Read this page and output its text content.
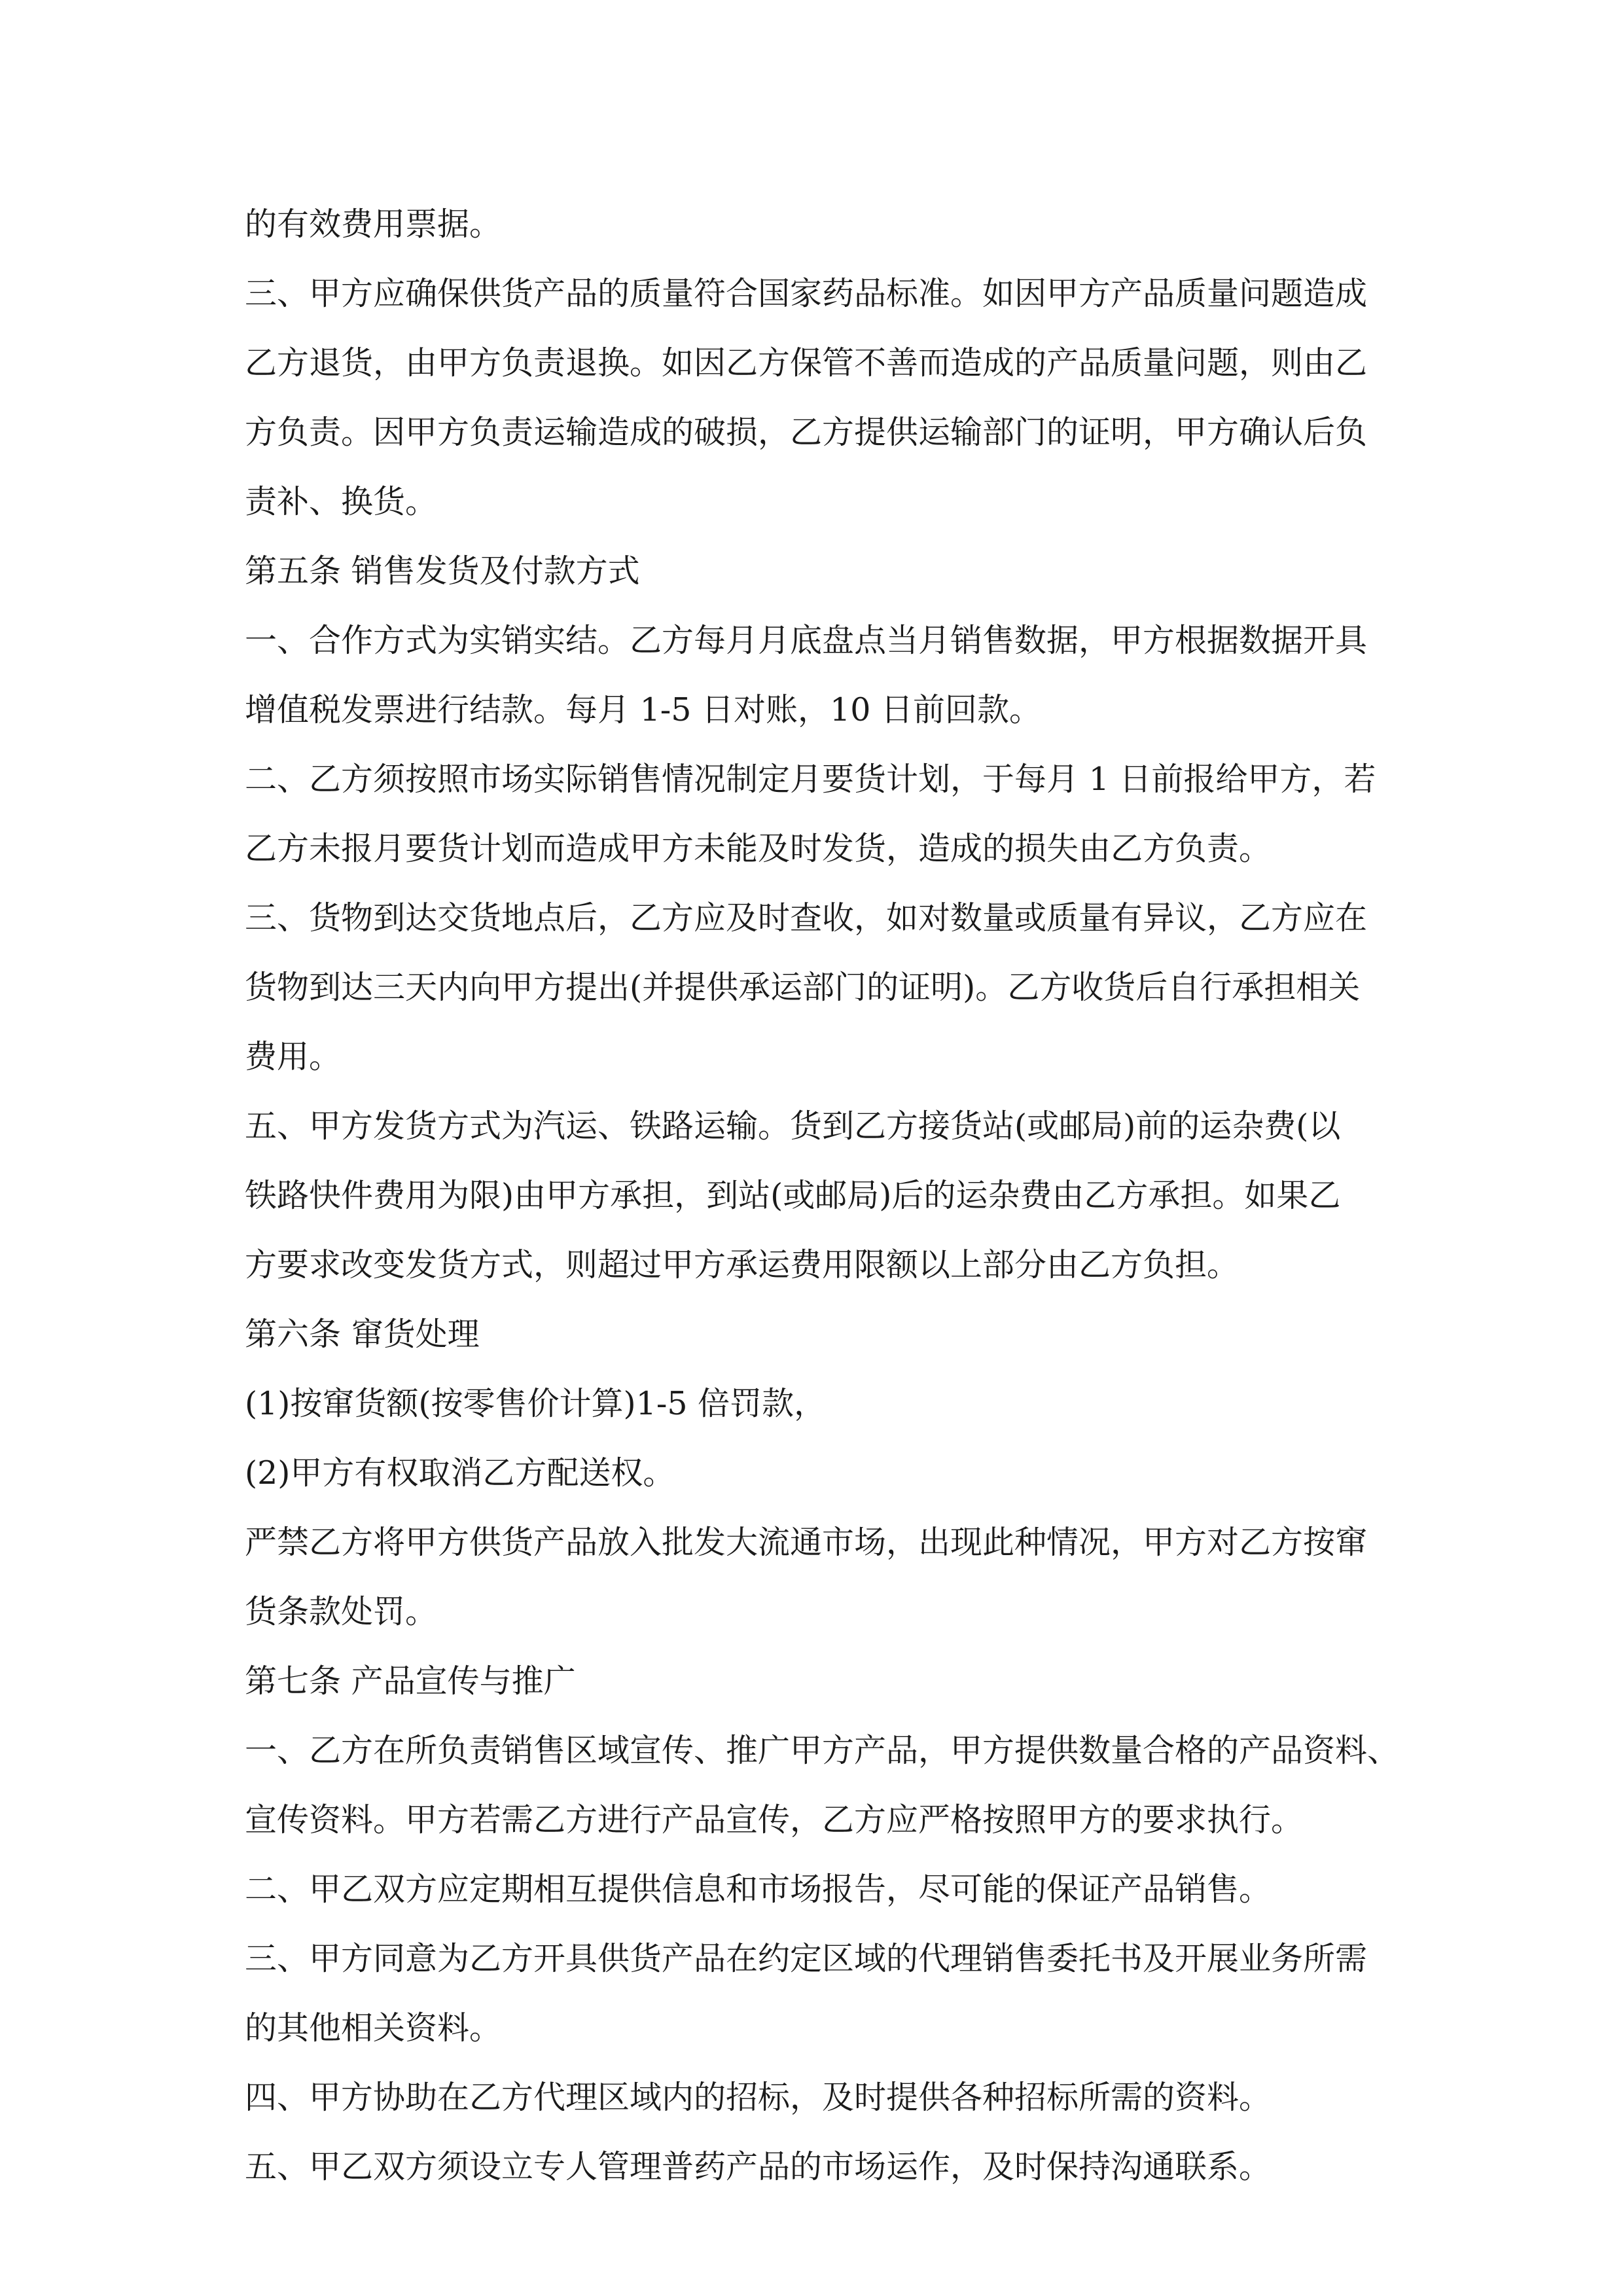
的有效费用票据。
三、甲方应确保供货产品的质量符合国家药品标准。如因甲方产品质量问题造成
乙方退货，由甲方负责退换。如因乙方保管不善而造成的产品质量问题，则由乙
方负责。因甲方负责运输造成的破损，乙方提供运输部门的证明，甲方确认后负
责补、换货。
第五条 销售发货及付款方式
一、合作方式为实销实结。乙方每月月底盘点当月销售数据，甲方根据数据开具
增值税发票进行结款。每月 1-5 日对账，10 日前回款。
二、乙方须按照市场实际销售情况制定月要货计划，于每月 1 日前报给甲方，若
乙方未报月要货计划而造成甲方未能及时发货，造成的损失由乙方负责。
三、货物到达交货地点后，乙方应及时查收，如对数量或质量有异议，乙方应在
货物到达三天内向甲方提出(并提供承运部门的证明)。乙方收货后自行承担相关
费用。
五、甲方发货方式为汽运、铁路运输。货到乙方接货站(或邮局)前的运杂费(以
铁路快件费用为限)由甲方承担，到站(或邮局)后的运杂费由乙方承担。如果乙
方要求改变发货方式，则超过甲方承运费用限额以上部分由乙方负担。
第六条 窜货处理
(1)按窜货额(按零售价计算)1-5 倍罚款，
(2)甲方有权取消乙方配送权。
严禁乙方将甲方供货产品放入批发大流通市场，出现此种情况，甲方对乙方按窜
货条款处罚。
第七条 产品宣传与推广
一、乙方在所负责销售区域宣传、推广甲方产品，甲方提供数量合格的产品资料、
宣传资料。甲方若需乙方进行产品宣传，乙方应严格按照甲方的要求执行。
二、甲乙双方应定期相互提供信息和市场报告，尽可能的保证产品销售。
三、甲方同意为乙方开具供货产品在约定区域的代理销售委托书及开展业务所需
的其他相关资料。
四、甲方协助在乙方代理区域内的招标，及时提供各种招标所需的资料。
五、甲乙双方须设立专人管理普药产品的市场运作，及时保持沟通联系。
